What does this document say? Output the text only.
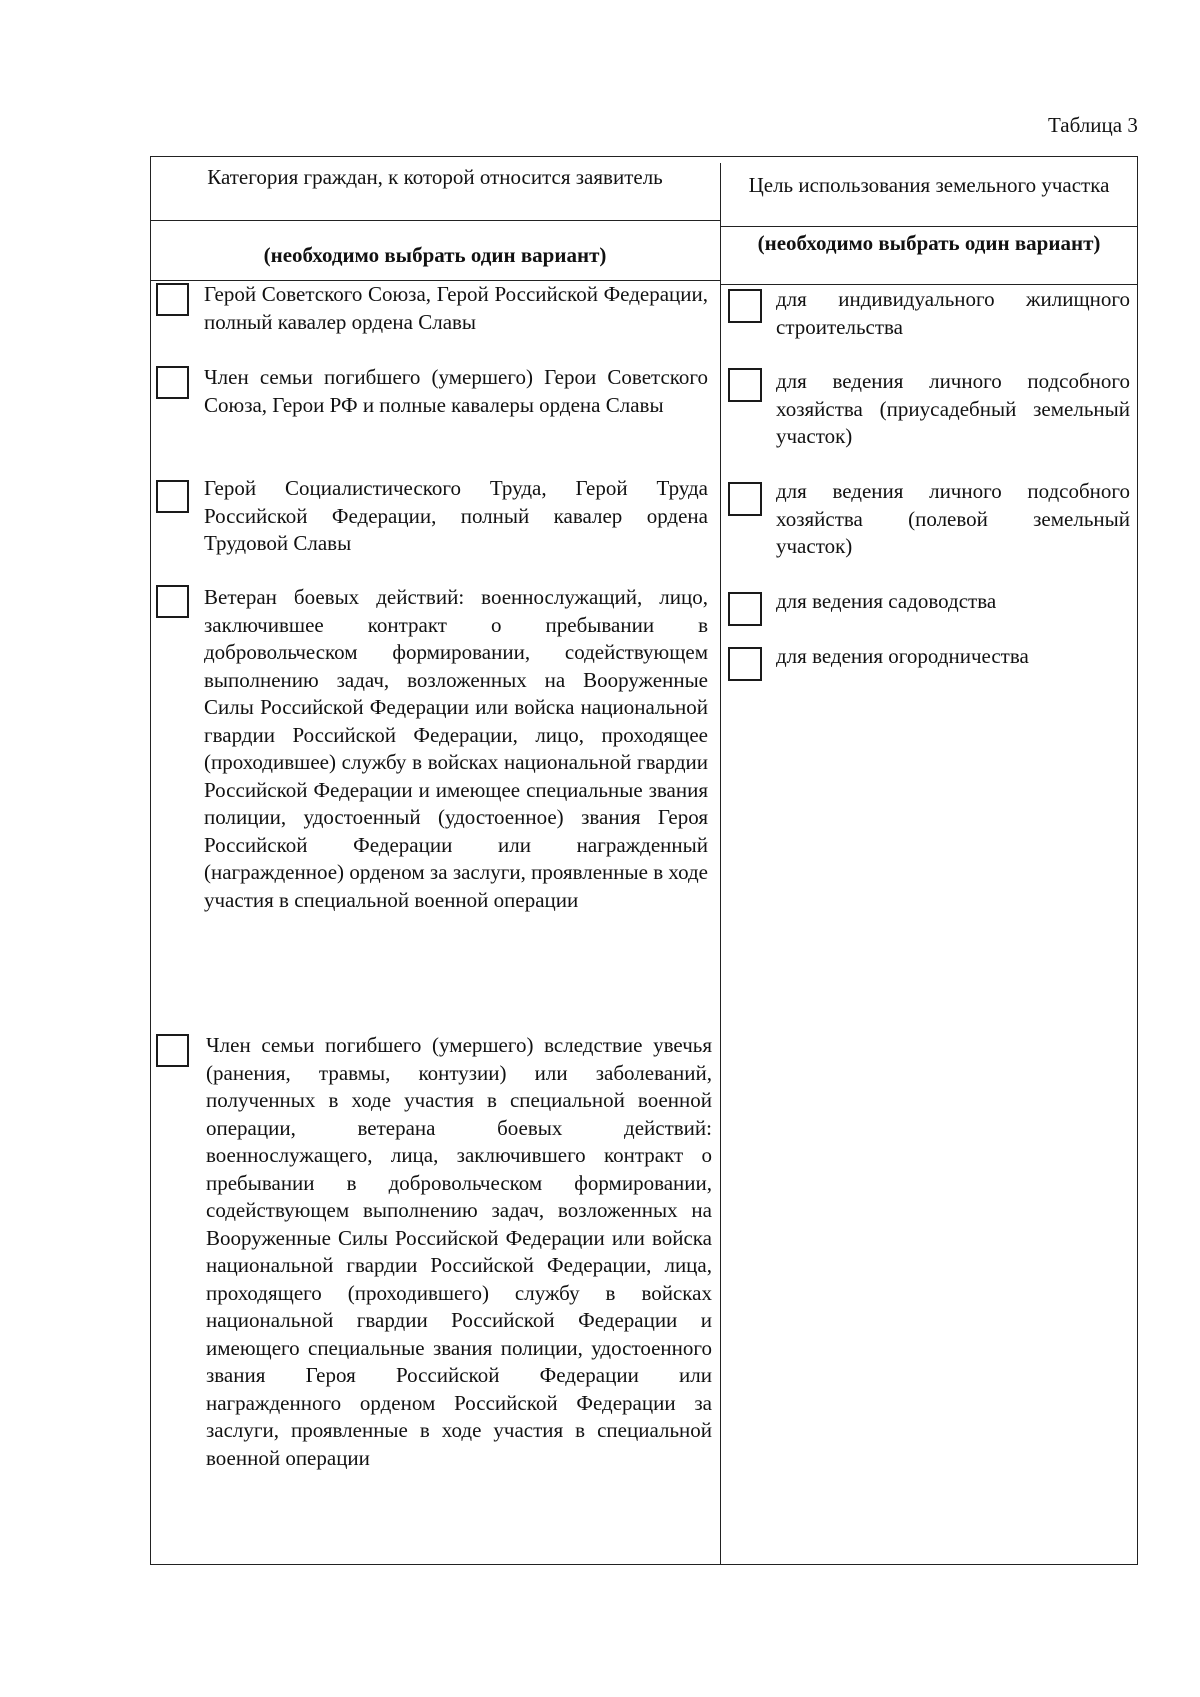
Таблица 3
Категория граждан, к которой относится заявитель	Цель использования земельного участка
(необходимо выбрать один вариант)	(необходимо выбрать один вариант)
Герой Советского Союза, Герой Российской Федерации, полный кавалер ордена Славы
Член семьи погибшего (умершего) Герои Советского Союза, Герои РФ и полные кавалеры ордена Славы
Герой Социалистического Труда, Герой Труда Российской Федерации, полный кавалер ордена Трудовой Славы
Ветеран боевых действий: военнослужащий, лицо, заключившее контракт о пребывании в добровольческом формировании, содействующем выполнению задач, возложенных на Вооруженные Силы Российской Федерации или войска национальной гвардии Российской Федерации, лицо, проходящее (проходившее) службу в войсках национальной гвардии Российской Федерации и имеющее специальные звания полиции, удостоенный (удостоенное) звания Героя Российской Федерации или награжденный (награжденное) орденом за заслуги, проявленные в ходе участия в специальной военной операции
Член семьи погибшего (умершего) вследствие увечья (ранения, травмы, контузии) или заболеваний, полученных в ходе участия в специальной военной операции, ветерана боевых действий: военнослужащего, лица, заключившего контракт о пребывании в добровольческом формировании, содействующем выполнению задач, возложенных на Вооруженные Силы Российской Федерации или войска национальной гвардии Российской Федерации, лица, проходящего (проходившего) службу в войсках национальной гвардии Российской Федерации и имеющего специальные звания полиции, удостоенного звания Героя Российской Федерации или награжденного орденом Российской Федерации за заслуги, проявленные в ходе участия в специальной военной операции
для индивидуального жилищного строительства
для ведения личного подсобного хозяйства (приусадебный земельный участок)
для ведения личного подсобного хозяйства (полевой земельный участок)
для ведения садоводства
для ведения огородничества
